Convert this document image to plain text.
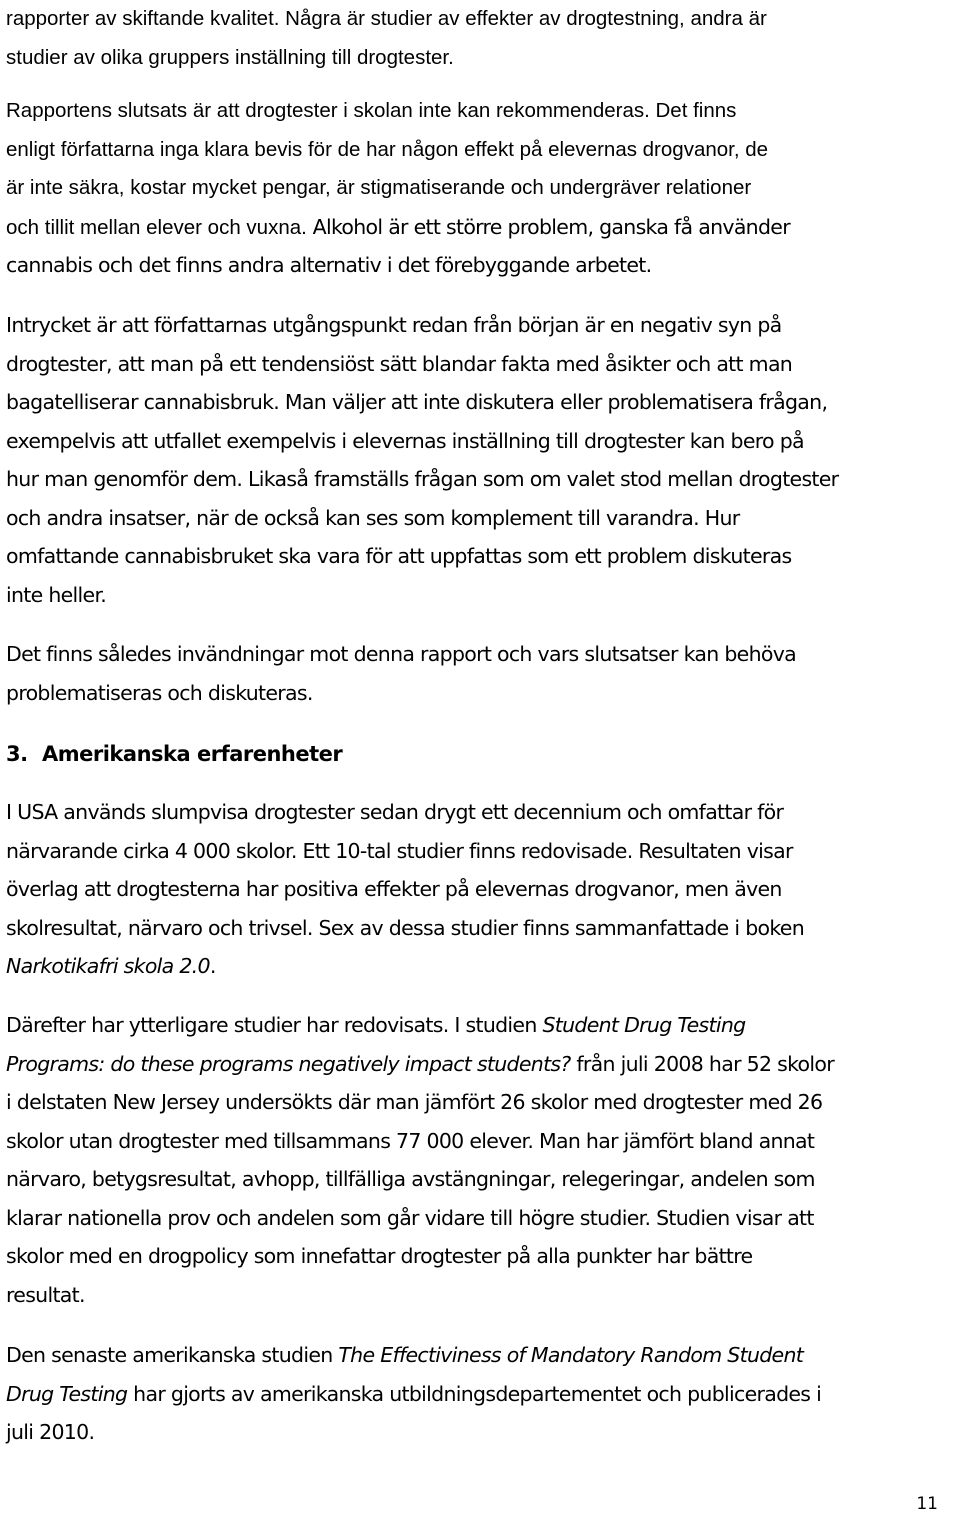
rapporter av skiftande kvalitet. Några är studier av effekter av drogtestning, andra är
studier av olika gruppers inställning till drogtester.
Rapportens slutsats är att drogtester i skolan inte kan rekommenderas. Det finns
enligt författarna inga klara bevis för de har någon effekt på elevernas drogvanor, de
är inte säkra, kostar mycket pengar, är stigmatiserande och undergräver relationer
och tillit mellan elever och vuxna. Alkohol är ett större problem, ganska få använder
cannabis och det finns andra alternativ i det förebyggande arbetet.
Intrycket är att författarnas utgångspunkt redan från början är en negativ syn på
drogtester, att man på ett tendensiöst sätt blandar fakta med åsikter och att man
bagatelliserar cannabisbruk. Man väljer att inte diskutera eller problematisera frågan,
exempelvis att utfallet exempelvis i elevernas inställning till drogtester kan bero på
hur man genomför dem. Likaså framställs frågan som om valet stod mellan drogtester
och andra insatser, när de också kan ses som komplement till varandra. Hur
omfattande cannabisbruket ska vara för att uppfattas som ett problem diskuteras
inte heller.
Det finns således invändningar mot denna rapport och vars slutsatser kan behöva
problematiseras och diskuteras.
3. Amerikanska erfarenheter
I USA används slumpvisa drogtester sedan drygt ett decennium och omfattar för
närvarande cirka 4 000 skolor. Ett 10-tal studier finns redovisade. Resultaten visar
överlag att drogtesterna har positiva effekter på elevernas drogvanor, men även
skolresultat, närvaro och trivsel. Sex av dessa studier finns sammanfattade i boken
Narkotikafri skola 2.0.
Därefter har ytterligare studier har redovisats. I studien Student Drug Testing
Programs: do these programs negatively impact students? från juli 2008 har 52 skolor
i delstaten New Jersey undersökts där man jämfört 26 skolor med drogtester med 26
skolor utan drogtester med tillsammans 77 000 elever. Man har jämfört bland annat
närvaro, betygsresultat, avhopp, tillfälliga avstängningar, relegeringar, andelen som
klarar nationella prov och andelen som går vidare till högre studier. Studien visar att
skolor med en drogpolicy som innefattar drogtester på alla punkter har bättre
resultat.
Den senaste amerikanska studien The Effectiviness of Mandatory Random Student
Drug Testing har gjorts av amerikanska utbildningsdepartementet och publicerades i
juli 2010.
11
